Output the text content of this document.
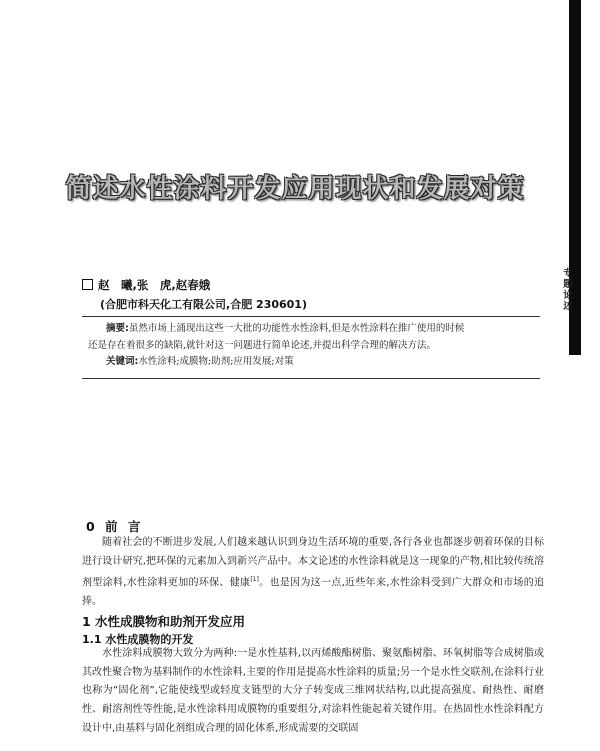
专题论述
简述水性涂料开发应用现状和发展对策
赵　曦,张　虎,赵春娥
(合肥市科天化工有限公司,合肥 230601)

摘要:虽然市场上涌现出这些一大批的功能性水性涂料,但是水性涂料在推广使用的时候

还是存在着很多的缺陷,就针对这一问题进行简单论述,并提出科学合理的解决方法。

关键词:水性涂料;成膜物;助剂;应用发展;对策

0 前 言

随着社会的不断进步发展,人们越来越认识到身边生活环境的重要,各行各业也都逐步朝着环保的目标进行设计研究,把环保的元素加入到新兴产品中。本文论述的水性涂料就是这一现象的产物,相比较传统溶剂型涂料,水性涂料更加的环保、健康[1]。也是因为这一点,近些年来,水性涂料受到广大群众和市场的追捧。

1 水性成膜物和助剂开发应用
1.1 水性成膜物的开发

水性涂料成膜物大致分为两种:一是水性基料,以丙烯酸酯树脂、聚氨酯树脂、环氧树脂等合成树脂或其改性聚合物为基料制作的水性涂料,主要的作用是提高水性涂料的质量;另一个是水性交联剂,在涂料行业也称为“固化剂”,它能使线型或轻度支链型的大分子转变成三维网状结构,以此提高强度、耐热性、耐磨性、耐溶剂性等性能,是水性涂料用成膜物的重要组分,对涂料性能起着关键作用。在热固性水性涂料配方设计中,由基料与固化剂组成合理的固化体系,形成需要的交联固
